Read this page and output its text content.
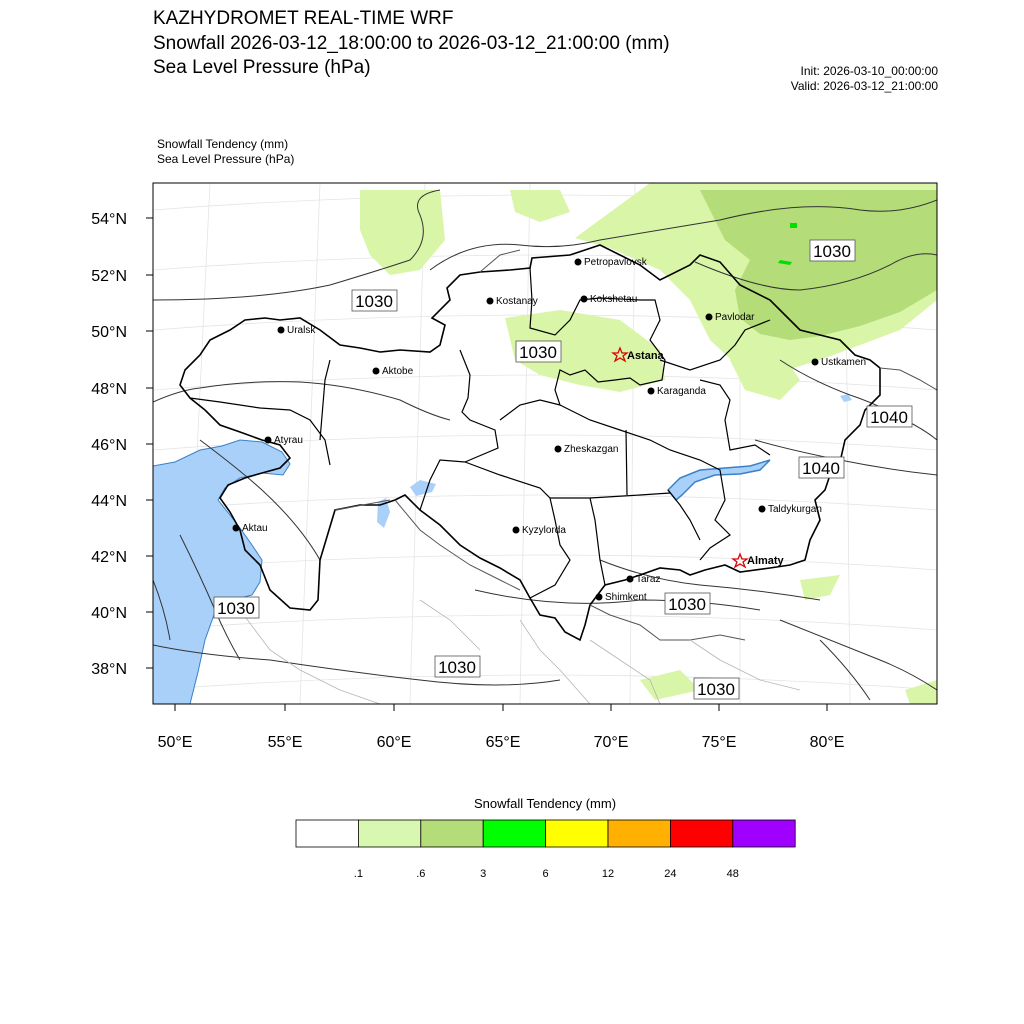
KAZHYDROMET REAL-TIME WRF
Snowfall 2026-03-12_18:00:00 to 2026-03-12_21:00:00 (mm)
Sea Level Pressure (hPa)	Init: 2026-03-10_00:00:00
Valid: 2026-03-12_21:00:00
Snowfall Tendency (mm)
Sea Level Pressure (hPa)
54°N
52°N
50°N
48°N
46°N
44°N
42°N
40°N
38°N
50°E	55°E	60°E	65°E	70°E	75°E	80°E
1030
1030
1030
1040
1040
1030	1030
1030
1030
Petropavlovsk
Kostanay	Kokshetau
Pavlodar
Uralsk
Aktobe
Astana
Karaganda
Ustkamen
Atyrau
Zheskazgan
Aktau	Kyzylorda
Taldykurgan
Almaty
Taraz
Shimkent
Snowfall Tendency (mm)
.1	.6	3	6	12	24	48
